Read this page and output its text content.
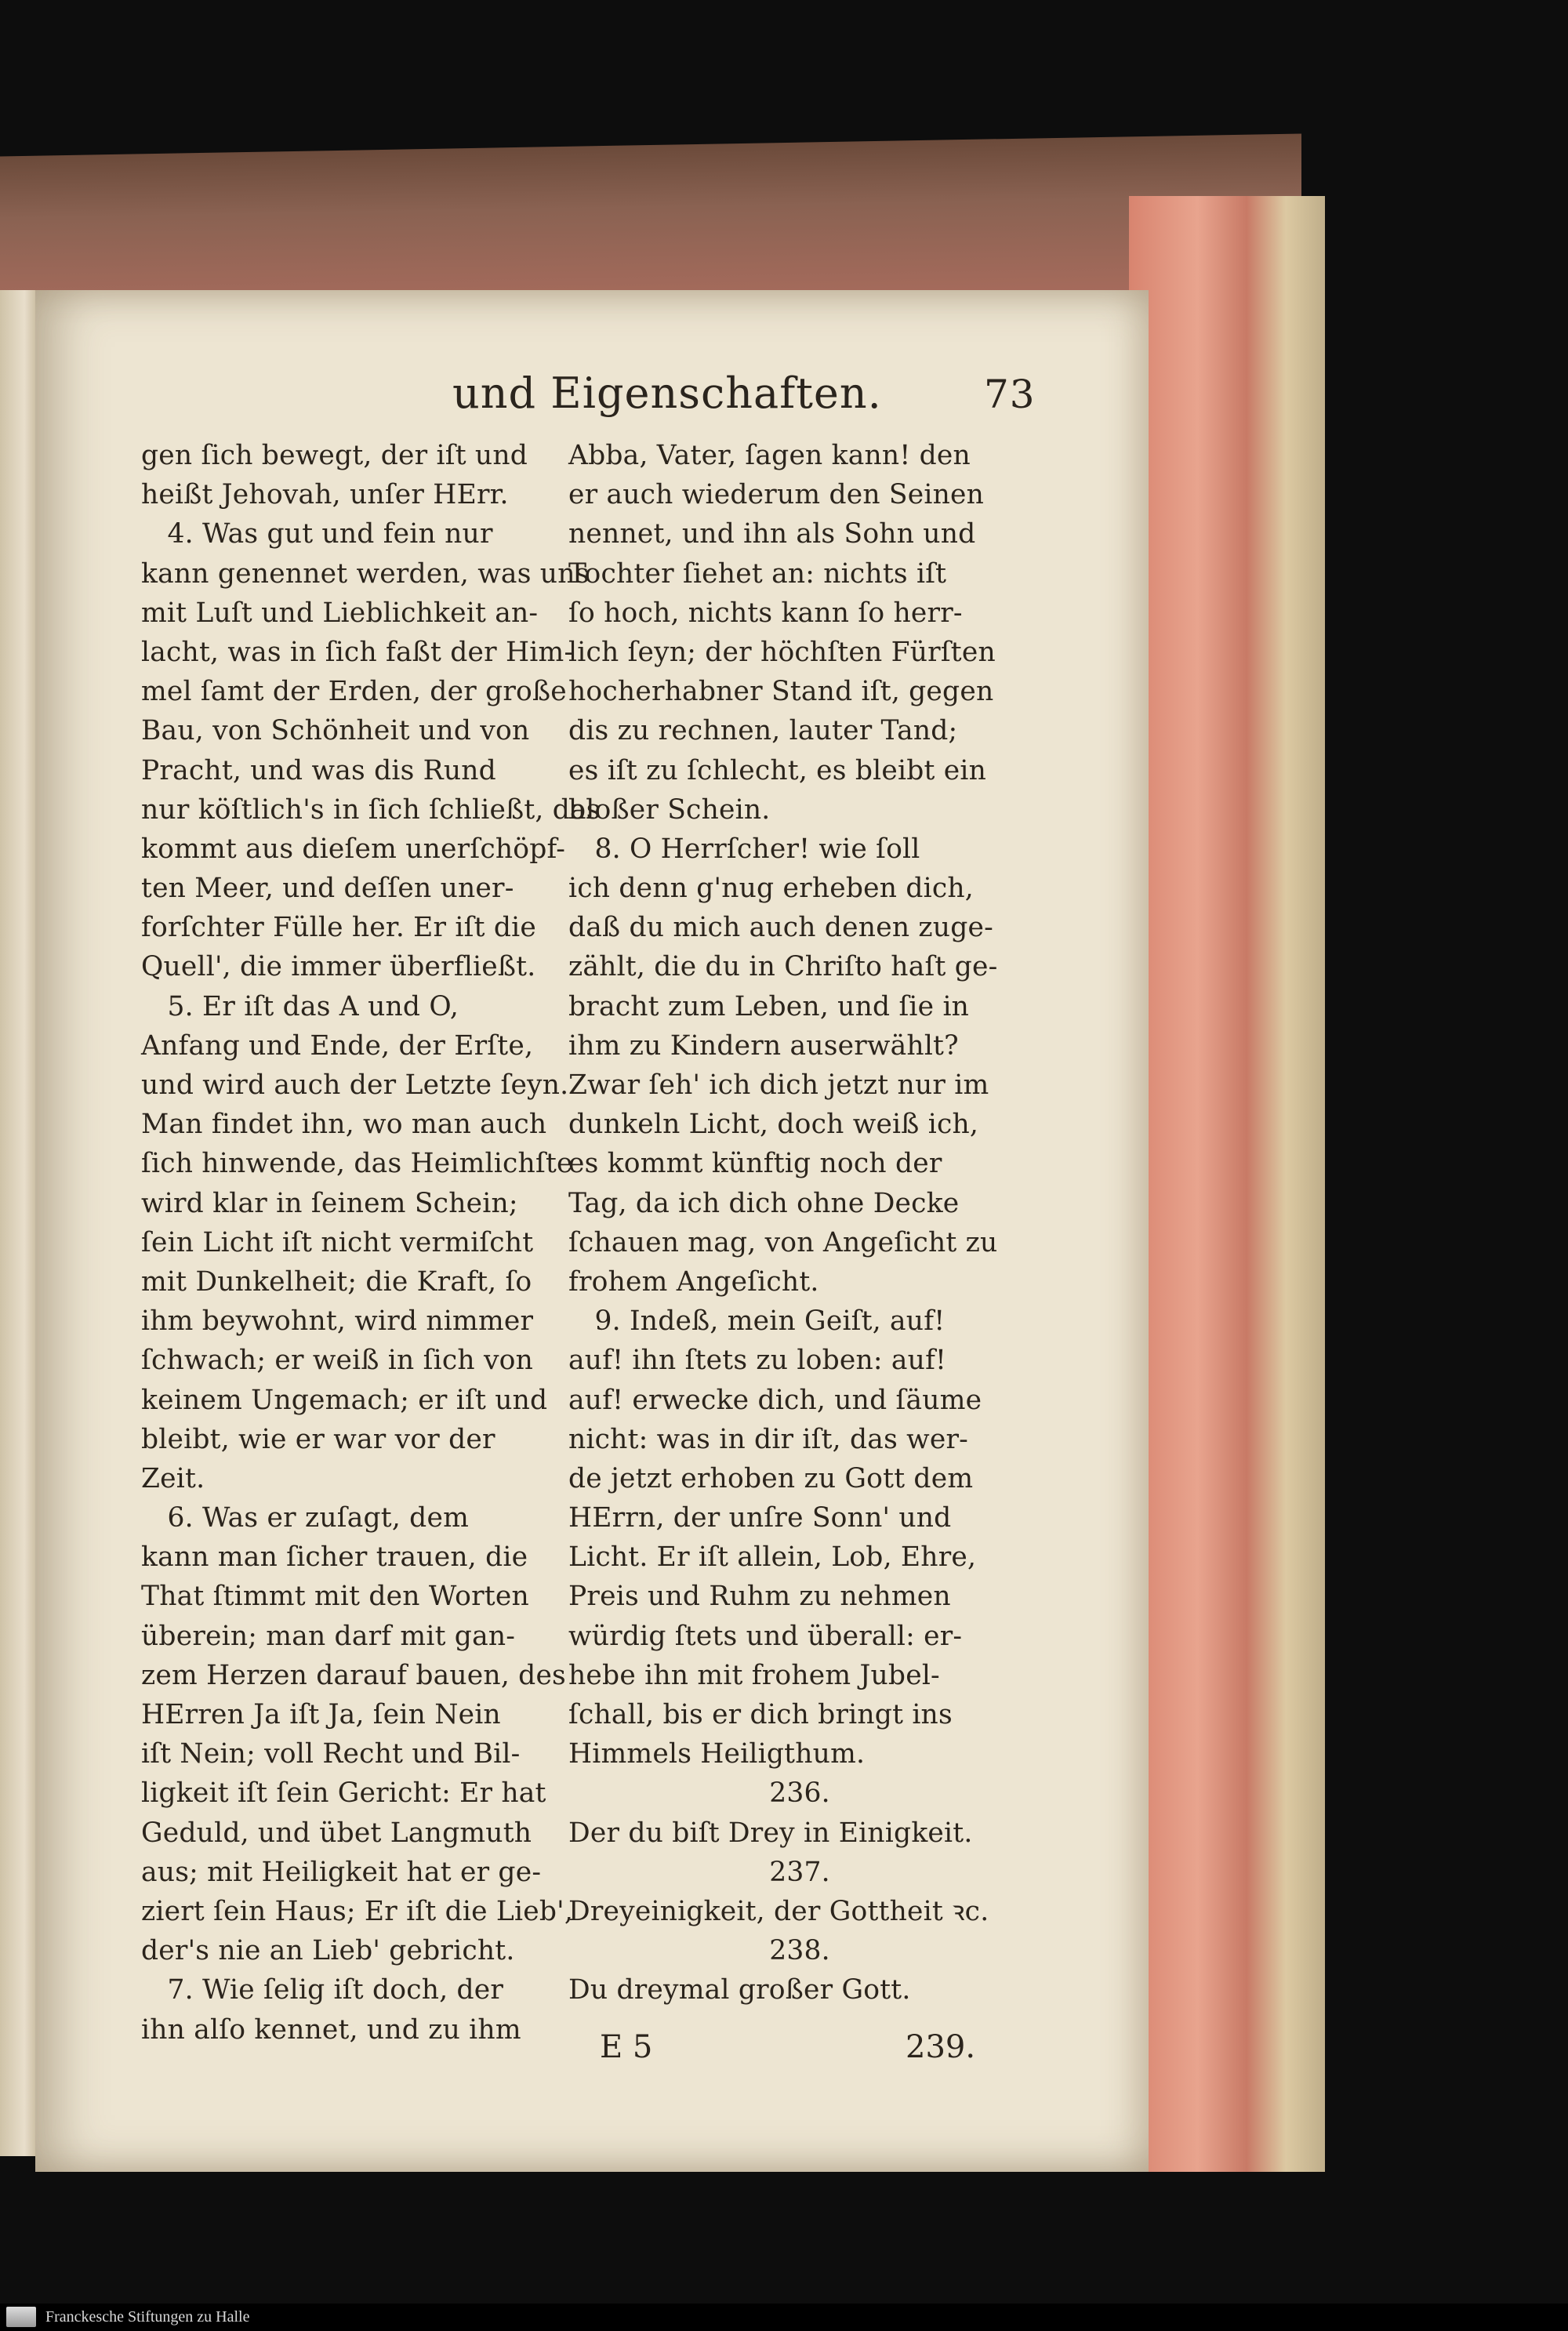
und Eigenschaften.	73
gen ſich bewegt, der iſt und
heißt Jehovah, unſer HErr.
4. Was gut und fein nur
kann genennet werden, was uns
mit Luſt und Lieblichkeit an-
lacht, was in ſich faßt der Him-
mel ſamt der Erden, der große
Bau, von Schönheit und von
Pracht, und was dis Rund
nur köſtlich's in ſich ſchließt, das
kommt aus dieſem unerſchöpf-
ten Meer, und deſſen uner-
forſchter Fülle her. Er iſt die
Quell', die immer überfließt.
5. Er iſt das A und O,
Anfang und Ende, der Erſte,
und wird auch der Letzte ſeyn.
Man findet ihn, wo man auch
ſich hinwende, das Heimlichſte
wird klar in ſeinem Schein;
ſein Licht iſt nicht vermiſcht
mit Dunkelheit; die Kraft, ſo
ihm beywohnt, wird nimmer
ſchwach; er weiß in ſich von
keinem Ungemach; er iſt und
bleibt, wie er war vor der
Zeit.
6. Was er zuſagt, dem
kann man ſicher trauen, die
That ſtimmt mit den Worten
überein; man darf mit gan-
zem Herzen darauf bauen, des
HErren Ja iſt Ja, ſein Nein
iſt Nein; voll Recht und Bil-
ligkeit iſt ſein Gericht: Er hat
Geduld, und übet Langmuth
aus; mit Heiligkeit hat er ge-
ziert ſein Haus; Er iſt die Lieb',
der's nie an Lieb' gebricht.
7. Wie ſelig iſt doch, der
ihn alſo kennet, und zu ihm
Abba, Vater, ſagen kann! den
er auch wiederum den Seinen
nennet, und ihn als Sohn und
Tochter ſiehet an: nichts iſt
ſo hoch, nichts kann ſo herr-
lich ſeyn; der höchſten Fürſten
hocherhabner Stand iſt, gegen
dis zu rechnen, lauter Tand;
es iſt zu ſchlecht, es bleibt ein
bloßer Schein.
8. O Herrſcher! wie ſoll
ich denn g'nug erheben dich,
daß du mich auch denen zuge-
zählt, die du in Chriſto haſt ge-
bracht zum Leben, und ſie in
ihm zu Kindern auserwählt?
Zwar ſeh' ich dich jetzt nur im
dunkeln Licht, doch weiß ich,
es kommt künftig noch der
Tag, da ich dich ohne Decke
ſchauen mag, von Angeſicht zu
frohem Angeſicht.
9. Indeß, mein Geiſt, auf!
auf! ihn ſtets zu loben: auf!
auf! erwecke dich, und ſäume
nicht: was in dir iſt, das wer-
de jetzt erhoben zu Gott dem
HErrn, der unſre Sonn' und
Licht. Er iſt allein, Lob, Ehre,
Preis und Ruhm zu nehmen
würdig ſtets und überall: er-
hebe ihn mit frohem Jubel-
ſchall, bis er dich bringt ins
Himmels Heiligthum.
236.
Der du biſt Drey in Einigkeit.
237.
Dreyeinigkeit, der Gottheit ꝛc.
238.
Du dreymal großer Gott.
E 5	239.
Franckesche Stiftungen zu Halle
